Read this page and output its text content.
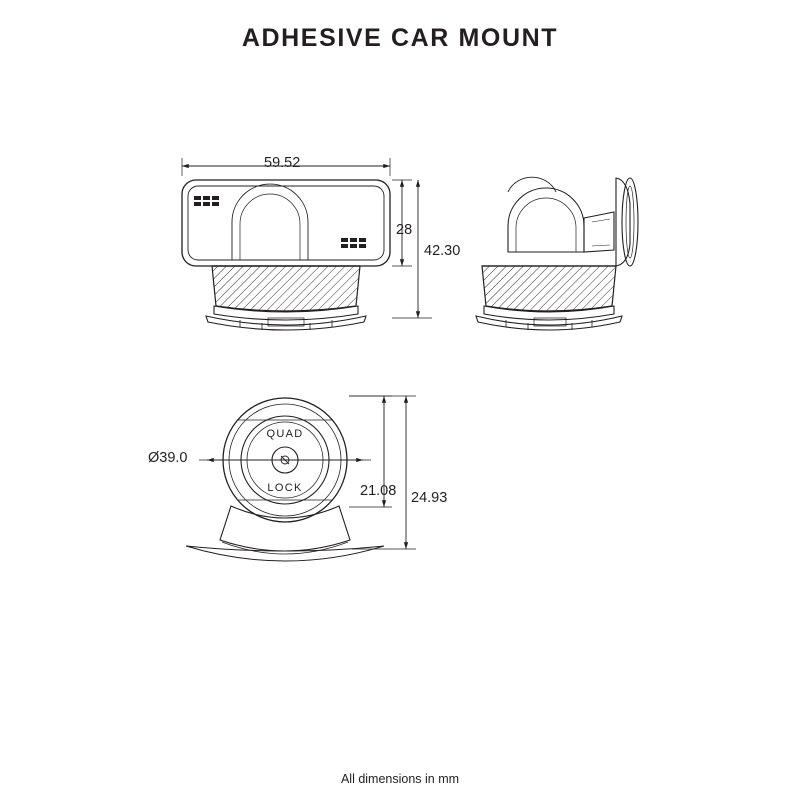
ADHESIVE CAR MOUNT
QUAD
LOCK
59.52
28
42.30
Ø39.0
21.08 24.93
All dimensions in mm
